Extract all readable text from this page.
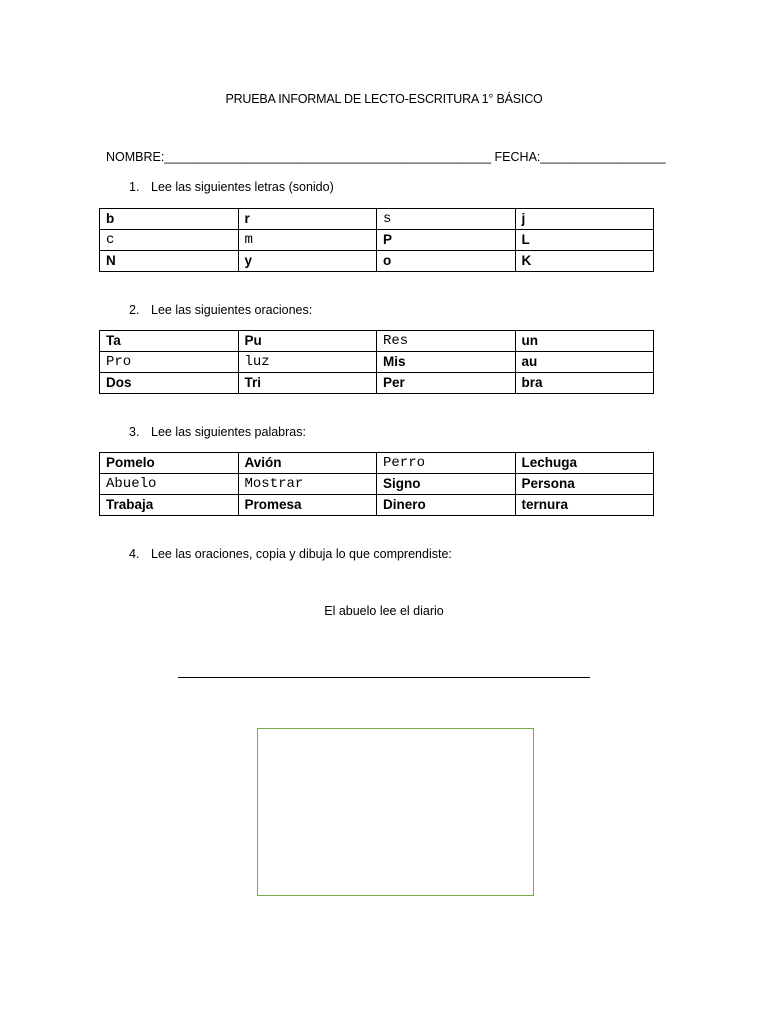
PRUEBA INFORMAL DE LECTO-ESCRITURA 1° BÁSICO
NOMBRE:_______________________________________________ FECHA:__________________
1. Lee las siguientes letras (sonido)
b	r	s	j
c	m	P	L
N	y	o	K
2. Lee las siguientes oraciones:
Ta	Pu	Res	un
Pro	luz	Mis	au
Dos	Tri	Per	bra
3. Lee las siguientes palabras:
Pomelo	Avión	Perro	Lechuga
Abuelo	Mostrar	Signo	Persona
Trabaja	Promesa	Dinero	ternura
4. Lee las oraciones, copia y dibuja lo que comprendiste:
El abuelo lee el diario
